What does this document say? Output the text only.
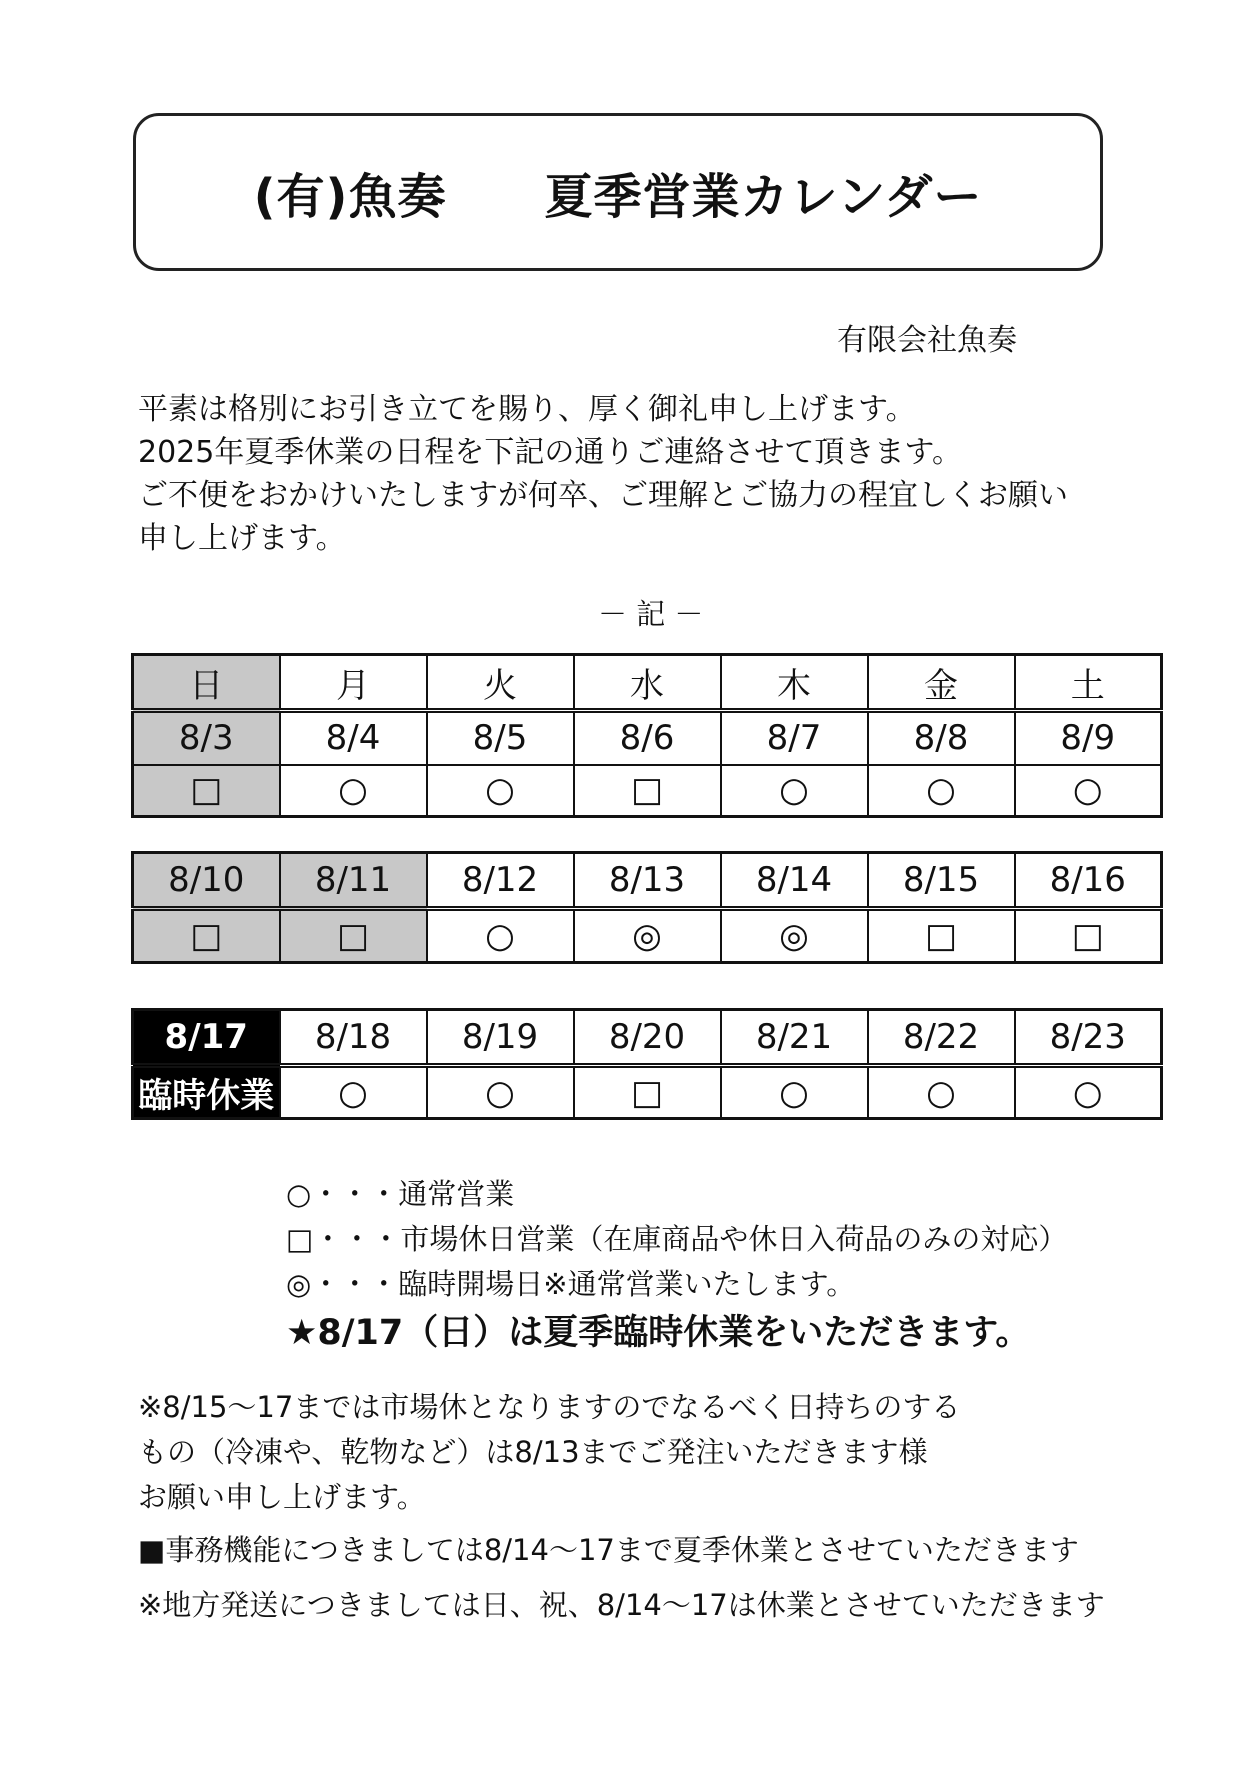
(有)魚奏　　夏季営業カレンダー
有限会社魚奏
平素は格別にお引き立てを賜り、厚く御礼申し上げます。
2025年夏季休業の日程を下記の通りご連絡させて頂きます。
ご不便をおかけいたしますが何卒、ご理解とご協力の程宜しくお願い
申し上げます。
－ 記 －
日	月	火	水	木	金	土
8/3	8/4	8/5	8/6	8/7	8/8	8/9
□	○	○	□	○	○	○
8/10	8/11	8/12	8/13	8/14	8/15	8/16
□	□	○	◎	◎	□	□
8/17	8/18	8/19	8/20	8/21	8/22	8/23
臨時休業	○	○	□	○	○	○
○・・・通常営業
□・・・市場休日営業（在庫商品や休日入荷品のみの対応）
◎・・・臨時開場日※通常営業いたします。
★8/17（日）は夏季臨時休業をいただきます。
※8/15～17までは市場休となりますのでなるべく日持ちのする
もの（冷凍や、乾物など）は8/13までご発注いただきます様
お願い申し上げます。
■事務機能につきましては8/14～17まで夏季休業とさせていただきます
※地方発送につきましては日、祝、8/14～17は休業とさせていただきます
